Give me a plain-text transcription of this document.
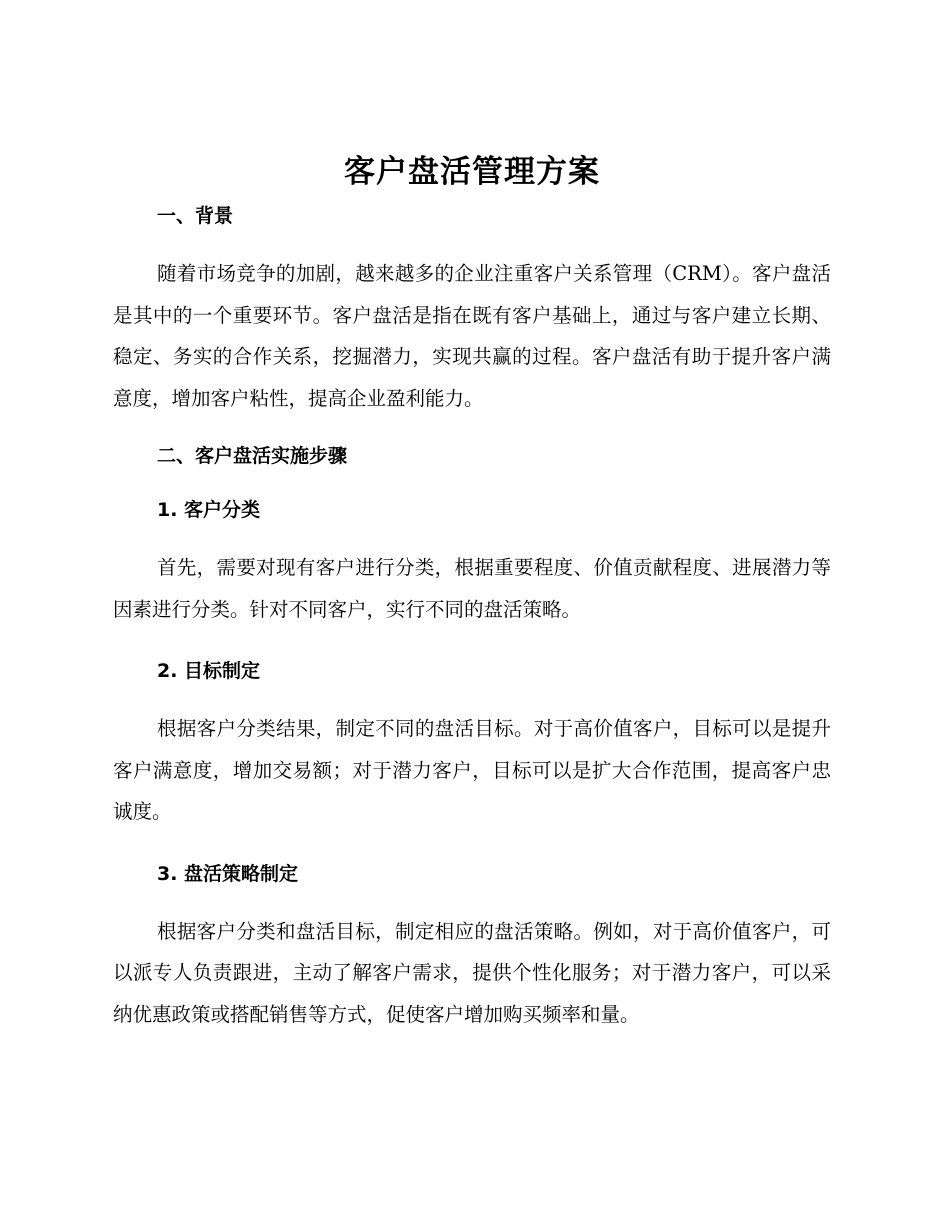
客户盘活管理方案
一、背景

随着市场竞争的加剧，越来越多的企业注重客户关系管理（CRM）。客户盘活是其中的一个重要环节。客户盘活是指在既有客户基础上，通过与客户建立长期、稳定、务实的合作关系，挖掘潜力，实现共赢的过程。客户盘活有助于提升客户满意度，增加客户粘性，提高企业盈利能力。

二、客户盘活实施步骤
1. 客户分类

首先，需要对现有客户进行分类，根据重要程度、价值贡献程度、进展潜力等因素进行分类。针对不同客户，实行不同的盘活策略。

2. 目标制定

根据客户分类结果，制定不同的盘活目标。对于高价值客户，目标可以是提升客户满意度，增加交易额；对于潜力客户，目标可以是扩大合作范围，提高客户忠诚度。

3. 盘活策略制定

根据客户分类和盘活目标，制定相应的盘活策略。例如，对于高价值客户，可以派专人负责跟进，主动了解客户需求，提供个性化服务；对于潜力客户，可以采纳优惠政策或搭配销售等方式，促使客户增加购买频率和量。
